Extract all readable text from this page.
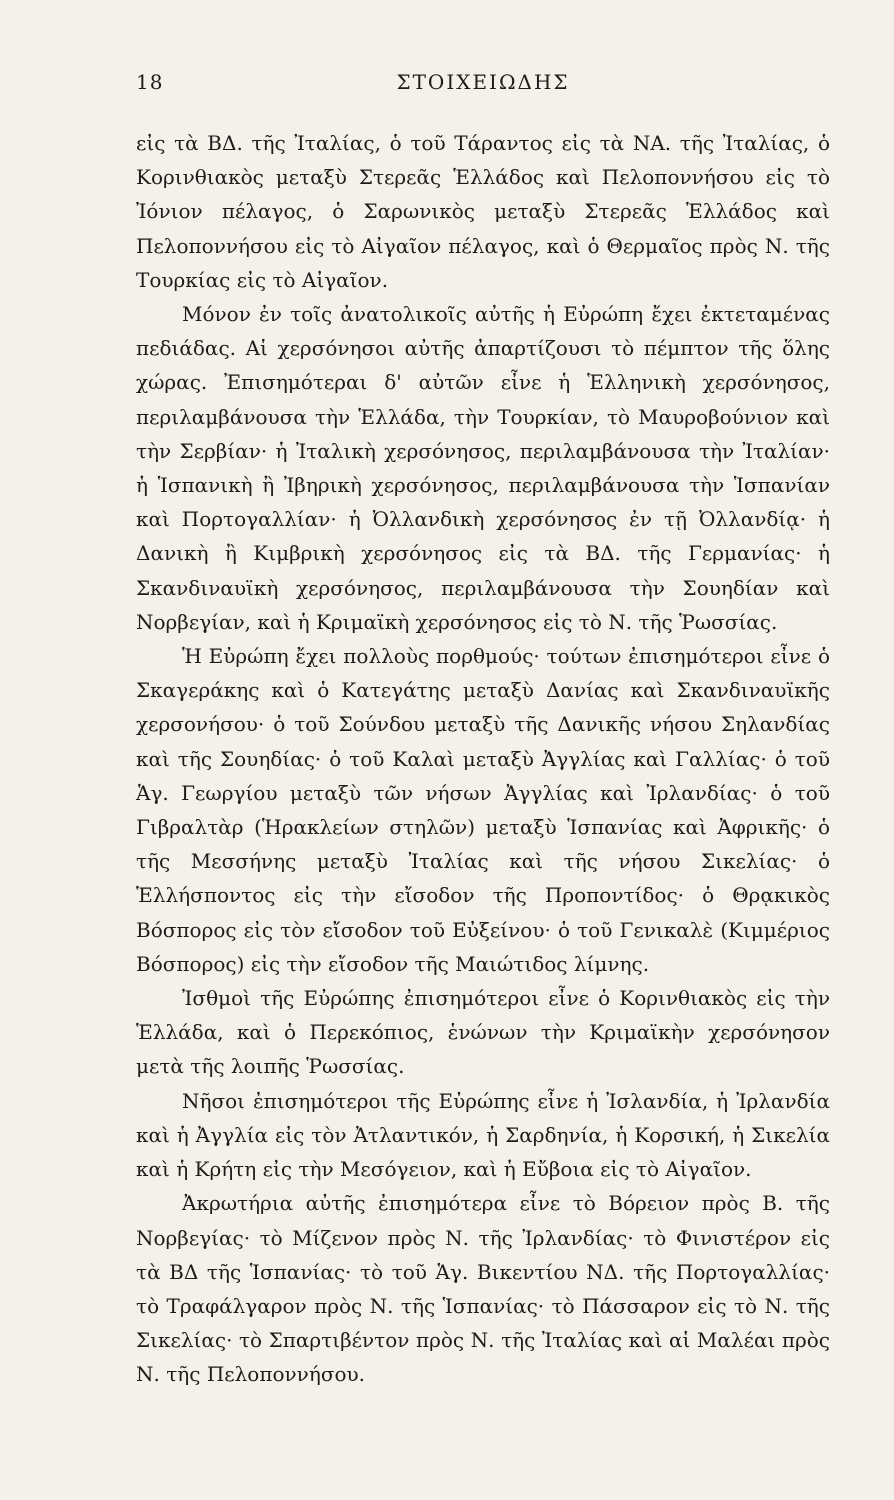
18	ΣΤΟΙΧΕΙΩΔΗΣ

εἰς τὰ ΒΔ. τῆς Ἰταλίας, ὁ τοῦ Τάραντος εἰς τὰ ΝΑ. τῆς Ἰταλίας, ὁ Κορινθιακὸς μεταξὺ Στερεᾶς Ἑλλάδος καὶ Πελοποννήσου εἰς τὸ Ἰόνιον πέλαγος, ὁ Σαρωνικὸς μεταξὺ Στερεᾶς Ἑλλάδος καὶ Πελοποννήσου εἰς τὸ Αἰγαῖον πέλαγος, καὶ ὁ Θερμαῖος πρὸς Ν. τῆς Τουρκίας εἰς τὸ Αἰγαῖον.

Μόνον ἐν τοῖς ἀνατολικοῖς αὐτῆς ἡ Εὐρώπη ἔχει ἐκτεταμένας πεδιάδας. Αἱ χερσόνησοι αὐτῆς ἀπαρτίζουσι τὸ πέμπτον τῆς ὅλης χώρας. Ἐπισημότεραι δ' αὐτῶν εἶνε ἡ Ἑλληνικὴ χερσόνησος, περιλαμβάνουσα τὴν Ἑλλάδα, τὴν Τουρκίαν, τὸ Μαυροβούνιον καὶ τὴν Σερβίαν· ἡ Ἰταλικὴ χερσόνησος, περιλαμβάνουσα τὴν Ἰταλίαν· ἡ Ἱσπανικὴ ἢ Ἰβηρικὴ χερσόνησος, περιλαμβάνουσα τὴν Ἱσπανίαν καὶ Πορτογαλλίαν· ἡ Ὀλλανδικὴ χερσόνησος ἐν τῇ Ὀλλανδίᾳ· ἡ Δανικὴ ἢ Κιμβρικὴ χερσόνησος εἰς τὰ ΒΔ. τῆς Γερμανίας· ἡ Σκανδιναυϊκὴ χερσόνησος, περιλαμβάνουσα τὴν Σουηδίαν καὶ Νορβεγίαν, καὶ ἡ Κριμαϊκὴ χερσόνησος εἰς τὸ Ν. τῆς Ῥωσσίας.

Ἡ Εὐρώπη ἔχει πολλοὺς πορθμούς· τούτων ἐπισημότεροι εἶνε ὁ Σκαγεράκης καὶ ὁ Κατεγάτης μεταξὺ Δανίας καὶ Σκανδιναυϊκῆς χερσονήσου· ὁ τοῦ Σούνδου μεταξὺ τῆς Δανικῆς νήσου Σηλανδίας καὶ τῆς Σουηδίας· ὁ τοῦ Καλαὶ μεταξὺ Ἀγγλίας καὶ Γαλλίας· ὁ τοῦ Ἁγ. Γεωργίου μεταξὺ τῶν νήσων Ἀγγλίας καὶ Ἰρλανδίας· ὁ τοῦ Γιβραλτὰρ (Ἡρακλείων στηλῶν) μεταξὺ Ἱσπανίας καὶ Ἀφρικῆς· ὁ τῆς Μεσσήνης μεταξὺ Ἰταλίας καὶ τῆς νήσου Σικελίας· ὁ Ἑλλήσποντος εἰς τὴν εἴσοδον τῆς Προποντίδος· ὁ Θρᾳκικὸς Βόσπορος εἰς τὸν εἴσοδον τοῦ Εὐξείνου· ὁ τοῦ Γενικαλὲ (Κιμμέριος Βόσπορος) εἰς τὴν εἴσοδον τῆς Μαιώτιδος λίμνης.

Ἰσθμοὶ τῆς Εὐρώπης ἐπισημότεροι εἶνε ὁ Κορινθιακὸς εἰς τὴν Ἑλλάδα, καὶ ὁ Περεκόπιος, ἑνώνων τὴν Κριμαϊκὴν χερσόνησον μετὰ τῆς λοιπῆς Ῥωσσίας.

Νῆσοι ἐπισημότεροι τῆς Εὐρώπης εἶνε ἡ Ἰσλανδία, ἡ Ἰρλανδία καὶ ἡ Ἀγγλία εἰς τὸν Ἀτλαντικόν, ἡ Σαρδηνία, ἡ Κορσική, ἡ Σικελία καὶ ἡ Κρήτη εἰς τὴν Μεσόγειον, καὶ ἡ Εὔβοια εἰς τὸ Αἰγαῖον.

Ἀκρωτήρια αὐτῆς ἐπισημότερα εἶνε τὸ Βόρειον πρὸς Β. τῆς Νορβεγίας· τὸ Μίζενον πρὸς Ν. τῆς Ἰρλανδίας· τὸ Φινιστέρον εἰς τὰ ΒΔ τῆς Ἱσπανίας· τὸ τοῦ Ἁγ. Βικεντίου ΝΔ. τῆς Πορτογαλλίας· τὸ Τραφάλγαρον πρὸς Ν. τῆς Ἱσπανίας· τὸ Πάσσαρον εἰς τὸ Ν. τῆς Σικελίας· τὸ Σπαρτιβέντον πρὸς Ν. τῆς Ἰταλίας καὶ αἱ Μαλέαι πρὸς Ν. τῆς Πελοποννήσου.
